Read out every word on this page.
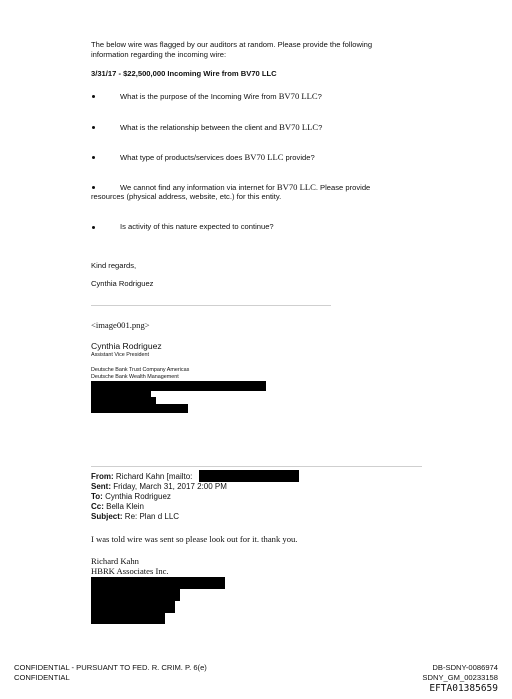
The below wire was flagged by our auditors at random. Please provide the following
information regarding the incoming wire:
3/31/17 - $22,500,000 Incoming Wire from BV70 LLC
What is the purpose of the Incoming Wire from BV70 LLC?
What is the relationship between the client and BV70 LLC?
What type of products/services does BV70 LLC provide?
We cannot find any information via internet for BV70 LLC. Please provide
resources (physical address, website, etc.) for this entity.
Is activity of this nature expected to continue?
Kind regards,
Cynthia Rodriguez
<image001.png>
Cynthia Rodriguez
Assistant Vice President
Deutsche Bank Trust Company Americas
Deutsche Bank Wealth Management
From: Richard Kahn [mailto:
Sent: Friday, March 31, 2017 2:00 PM
To: Cynthia Rodriguez
Cc: Bella Klein
Subject: Re: Plan d LLC
I was told wire was sent so please look out for it. thank you.
Richard Kahn
HBRK Associates Inc.
CONFIDENTIAL - PURSUANT TO FED. R. CRIM. P. 6(e)
CONFIDENTIAL
DB-SDNY-0086974
SDNY_GM_00233158
EFTA01385659
